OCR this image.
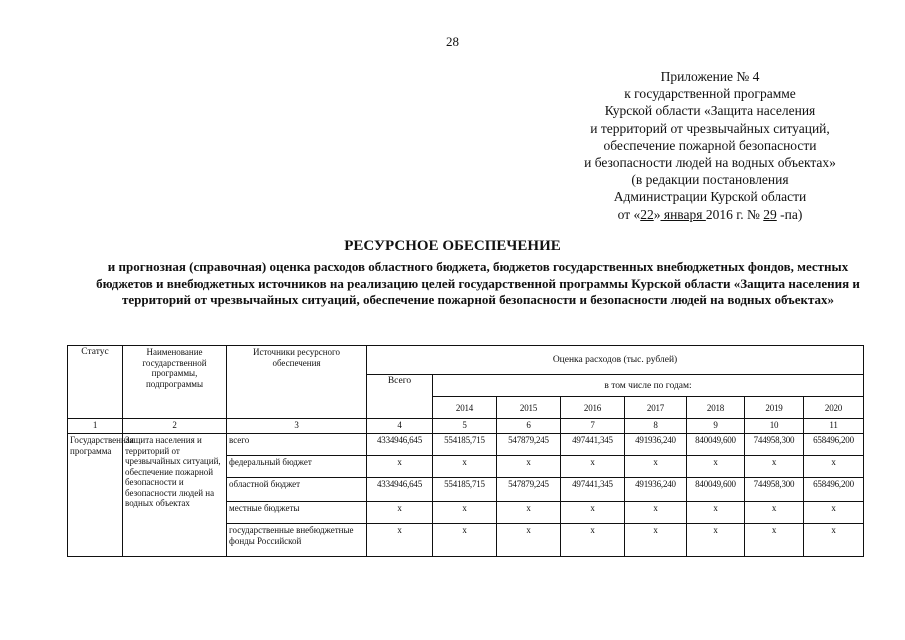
28
Приложение № 4
к государственной программе
Курской области «Защита населения
и территорий от чрезвычайных ситуаций,
обеспечение пожарной безопасности
и безопасности людей на водных объектах»
(в редакции постановления
Администрации Курской области
от «22» января 2016 г. № 29 -па)
РЕСУРСНОЕ ОБЕСПЕЧЕНИЕ
и прогнозная (справочная) оценка расходов областного бюджета, бюджетов государственных внебюджетных фондов, местных бюджетов и внебюджетных источников на реализацию целей государственной программы Курской области «Защита населения и территорий от чрезвычайных ситуаций, обеспечение пожарной безопасности и безопасности людей на водных объектах»
Статус	Наименование государственной программы, подпрограммы	Источники ресурсного обеспечения	Оценка расходов (тыс. рублей)							
			Всего	в том числе по годам:						
				2014	2015	2016	2017	2018	2019	2020
1	2	3	4	5	6	7	8	9	10	11
Государственная программа	Защита населения и территорий от чрезвычайных ситуаций, обеспечение пожарной безопасности и безопасности людей на водных объектах	всего	4334946,645	554185,715	547879,245	497441,345	491936,240	840049,600	744958,300	658496,200
		федеральный бюджет	x	x	x	x	x	x	x	x
		областной бюджет	4334946,645	554185,715	547879,245	497441,345	491936,240	840049,600	744958,300	658496,200
		местные бюджеты	x	x	x	x	x	x	x	x
		государственные внебюджетные фонды Российской	x	x	x	x	x	x	x	x
